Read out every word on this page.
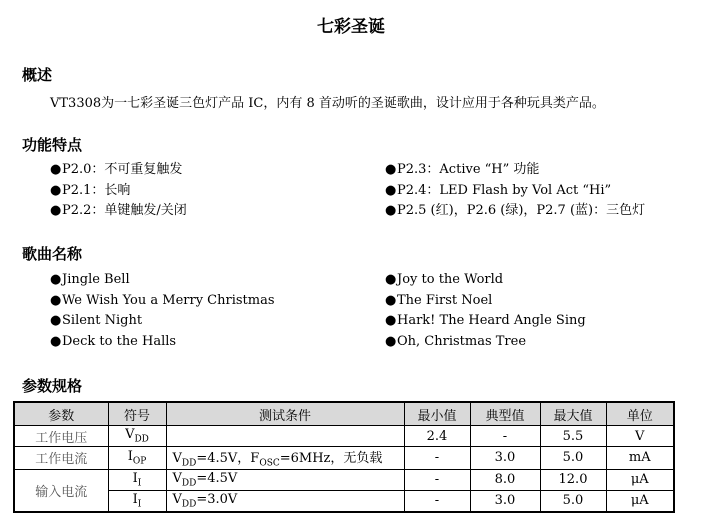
七彩圣诞
概述
VT3308为一七彩圣诞三色灯产品 IC，内有 8 首动听的圣诞歌曲，设计应用于各种玩具类产品。
功能特点
●P2.0：不可重复触发
●P2.1：长响
●P2.2：单键触发/关闭
●P2.3：Active “H” 功能
●P2.4：LED Flash by Vol Act “Hi”
●P2.5 (红)，P2.6 (绿)，P2.7 (蓝)：三色灯
歌曲名称
●Jingle Bell
●We Wish You a Merry Christmas
●Silent Night
●Deck to the Halls
●Joy to the World
●The First Noel
●Hark! The Heard Angle Sing
●Oh, Christmas Tree
参数规格
参数	符号	测试条件	最小值	典型值	最大值	单位
工作电压	$V_{DD}$		2.4	-	5.5	V
工作电流	$I_{OP}$	$V_{DD}=4.5V$，$F_{OSC}=6MHz$，无负载	-	3.0	5.0	mA
输入电流	$I_I$	$V_{DD}=4.5V$	-	8.0	12.0	μA
	$I_I$	$V_{DD}=3.0V$	-	3.0	5.0	μA
